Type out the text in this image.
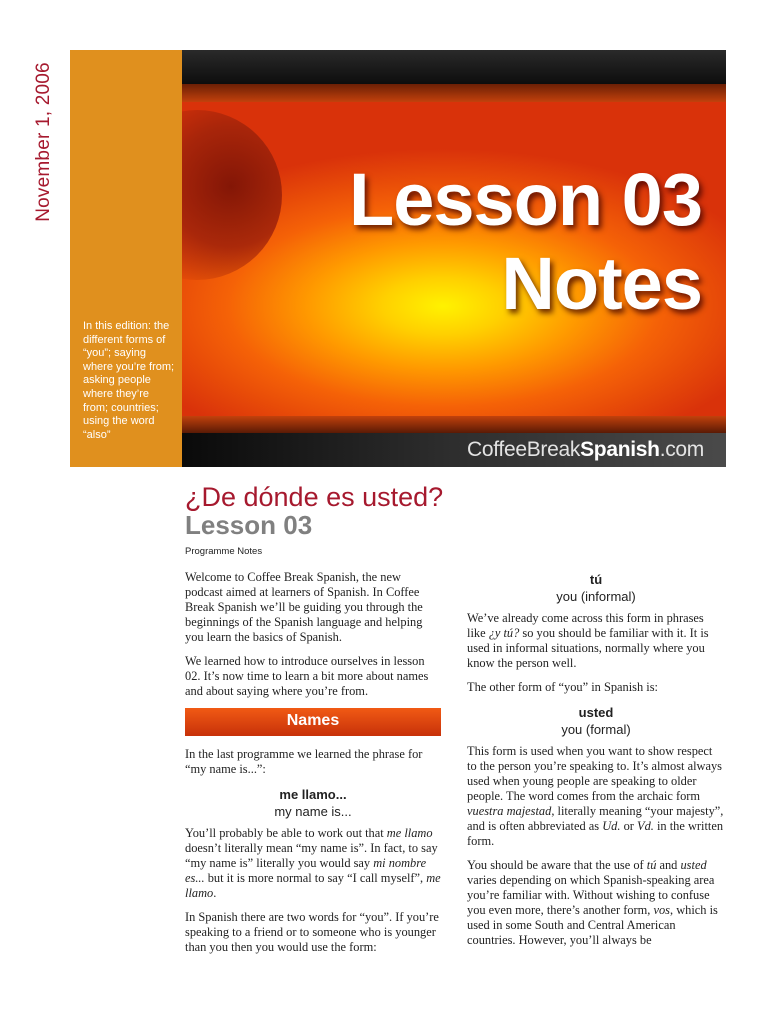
November 1, 2006
In this edition: the different forms of “you”; saying where you’re from; asking people where they’re from; countries; using the word “also”
Lesson 03
Notes
CoffeeBreakSpanish.com
¿De dónde es usted?
Lesson 03
Programme Notes

Welcome to Coffee Break Spanish, the new podcast aimed at learners of Spanish. In Coffee Break Spanish we’ll be guiding you through the beginnings of the Spanish language and helping you learn the basics of Spanish.

We learned how to introduce ourselves in lesson 02. It’s now time to learn a bit more about names and about saying where you’re from.

Names

In the last programme we learned the phrase for “my name is...”:

me llamo...
my name is...

You’ll probably be able to work out that me llamo doesn’t literally mean “my name is”. In fact, to say “my name is” literally you would say mi nombre es... but it is more normal to say “I call myself”, me llamo.

In Spanish there are two words for “you”. If you’re speaking to a friend or to someone who is younger than you then you would use the form:

tú
you (informal)

We’ve already come across this form in phrases like ¿y tú? so you should be familiar with it. It is used in informal situations, normally where you know the person well.

The other form of “you” in Spanish is:

usted
you (formal)

This form is used when you want to show respect to the person you’re speaking to. It’s almost always used when young people are speaking to older people. The word comes from the archaic form vuestra majestad, literally meaning “your majesty”, and is often abbreviated as Ud. or Vd. in the written form.

You should be aware that the use of tú and usted varies depending on which Spanish-speaking area you’re familiar with. Without wishing to confuse you even more, there’s another form, vos, which is used in some South and Central American countries. However, you’ll always be
